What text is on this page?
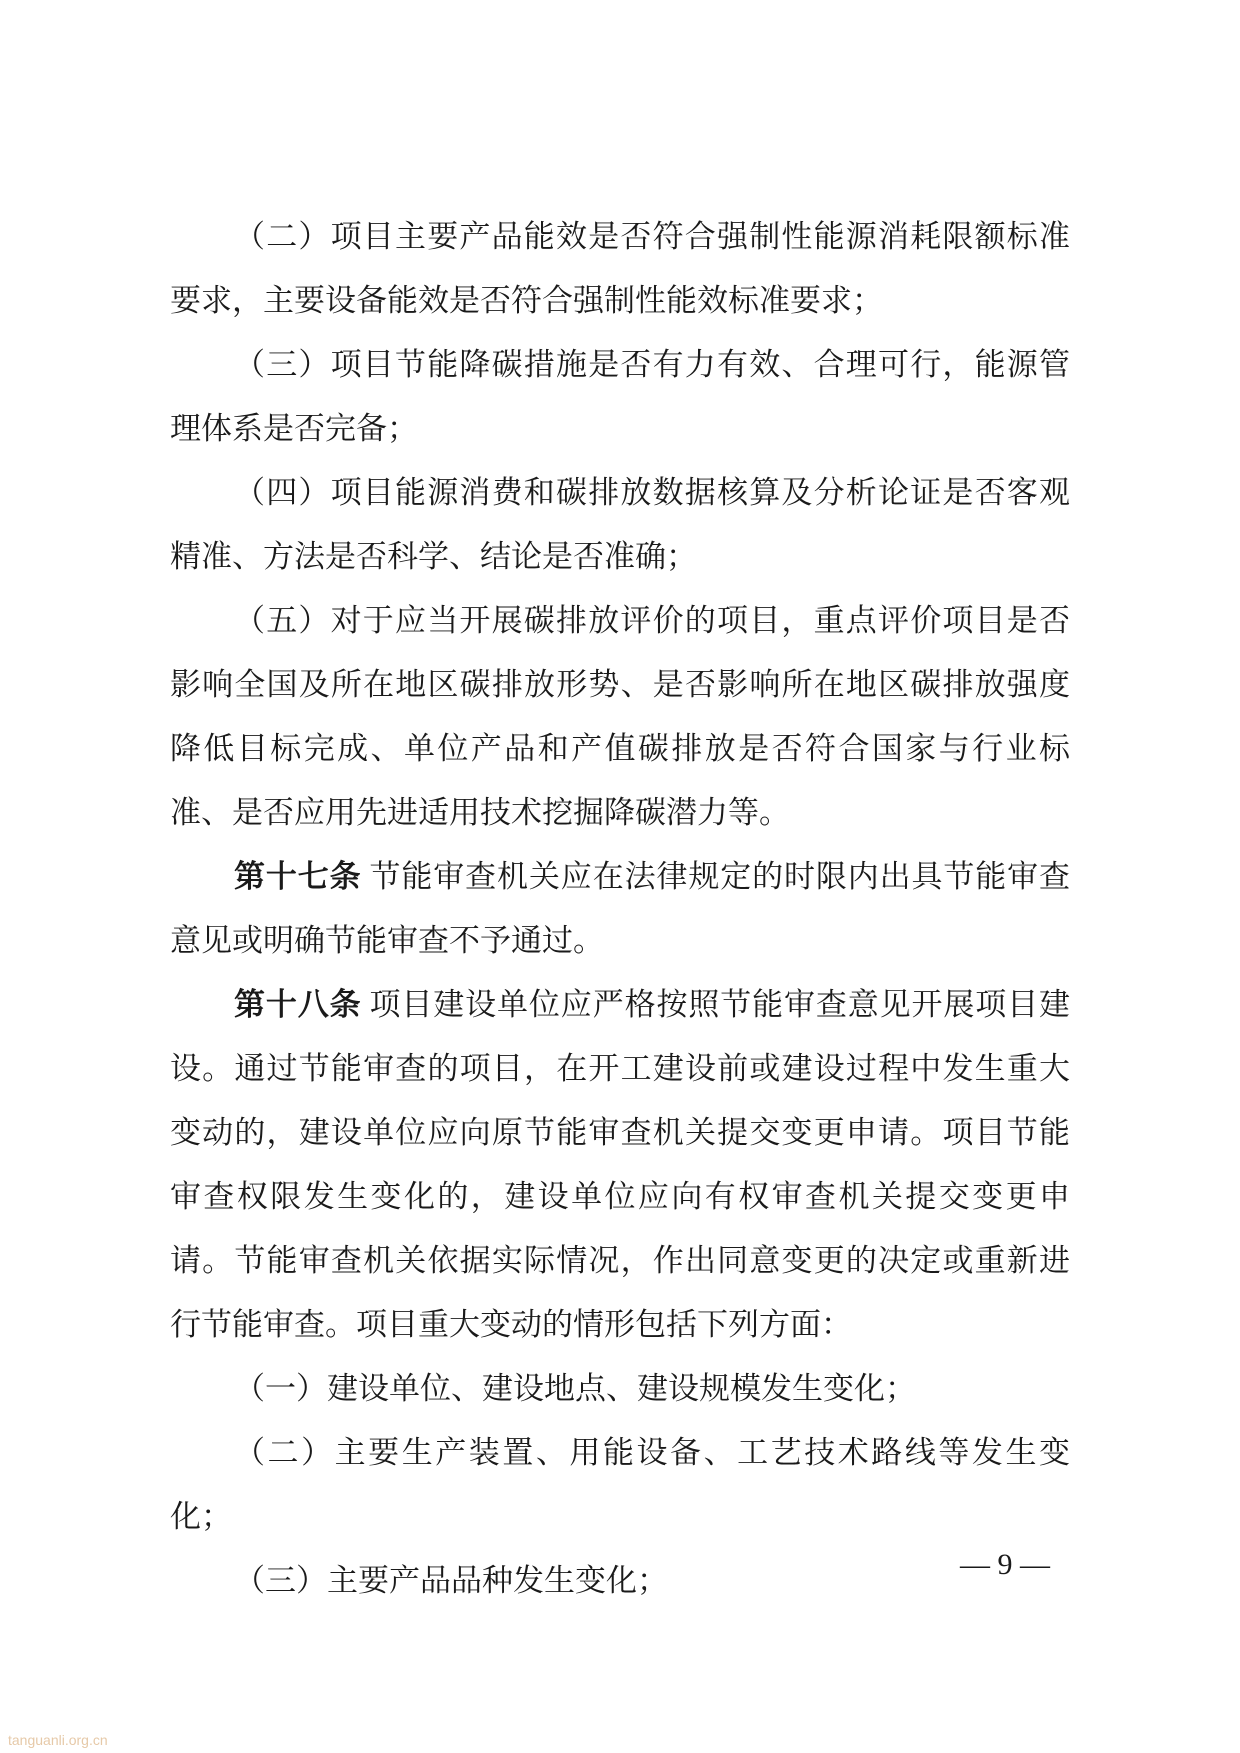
（二）项目主要产品能效是否符合强制性能源消耗限额标准
要求，主要设备能效是否符合强制性能效标准要求；
（三）项目节能降碳措施是否有力有效、合理可行，能源管
理体系是否完备；
（四）项目能源消费和碳排放数据核算及分析论证是否客观
精准、方法是否科学、结论是否准确；
（五）对于应当开展碳排放评价的项目，重点评价项目是否
影响全国及所在地区碳排放形势、是否影响所在地区碳排放强度
降低目标完成、单位产品和产值碳排放是否符合国家与行业标
准、是否应用先进适用技术挖掘降碳潜力等。
第十七条 节能审查机关应在法律规定的时限内出具节能审查
意见或明确节能审查不予通过。
第十八条 项目建设单位应严格按照节能审查意见开展项目建
设。通过节能审查的项目，在开工建设前或建设过程中发生重大
变动的，建设单位应向原节能审查机关提交变更申请。项目节能
审查权限发生变化的，建设单位应向有权审查机关提交变更申
请。节能审查机关依据实际情况，作出同意变更的决定或重新进
行节能审查。项目重大变动的情形包括下列方面：
（一）建设单位、建设地点、建设规模发生变化；
（二）主要生产装置、用能设备、工艺技术路线等发生变
化；
（三）主要产品品种发生变化；	— 9 —
tanguanli.org.cn
